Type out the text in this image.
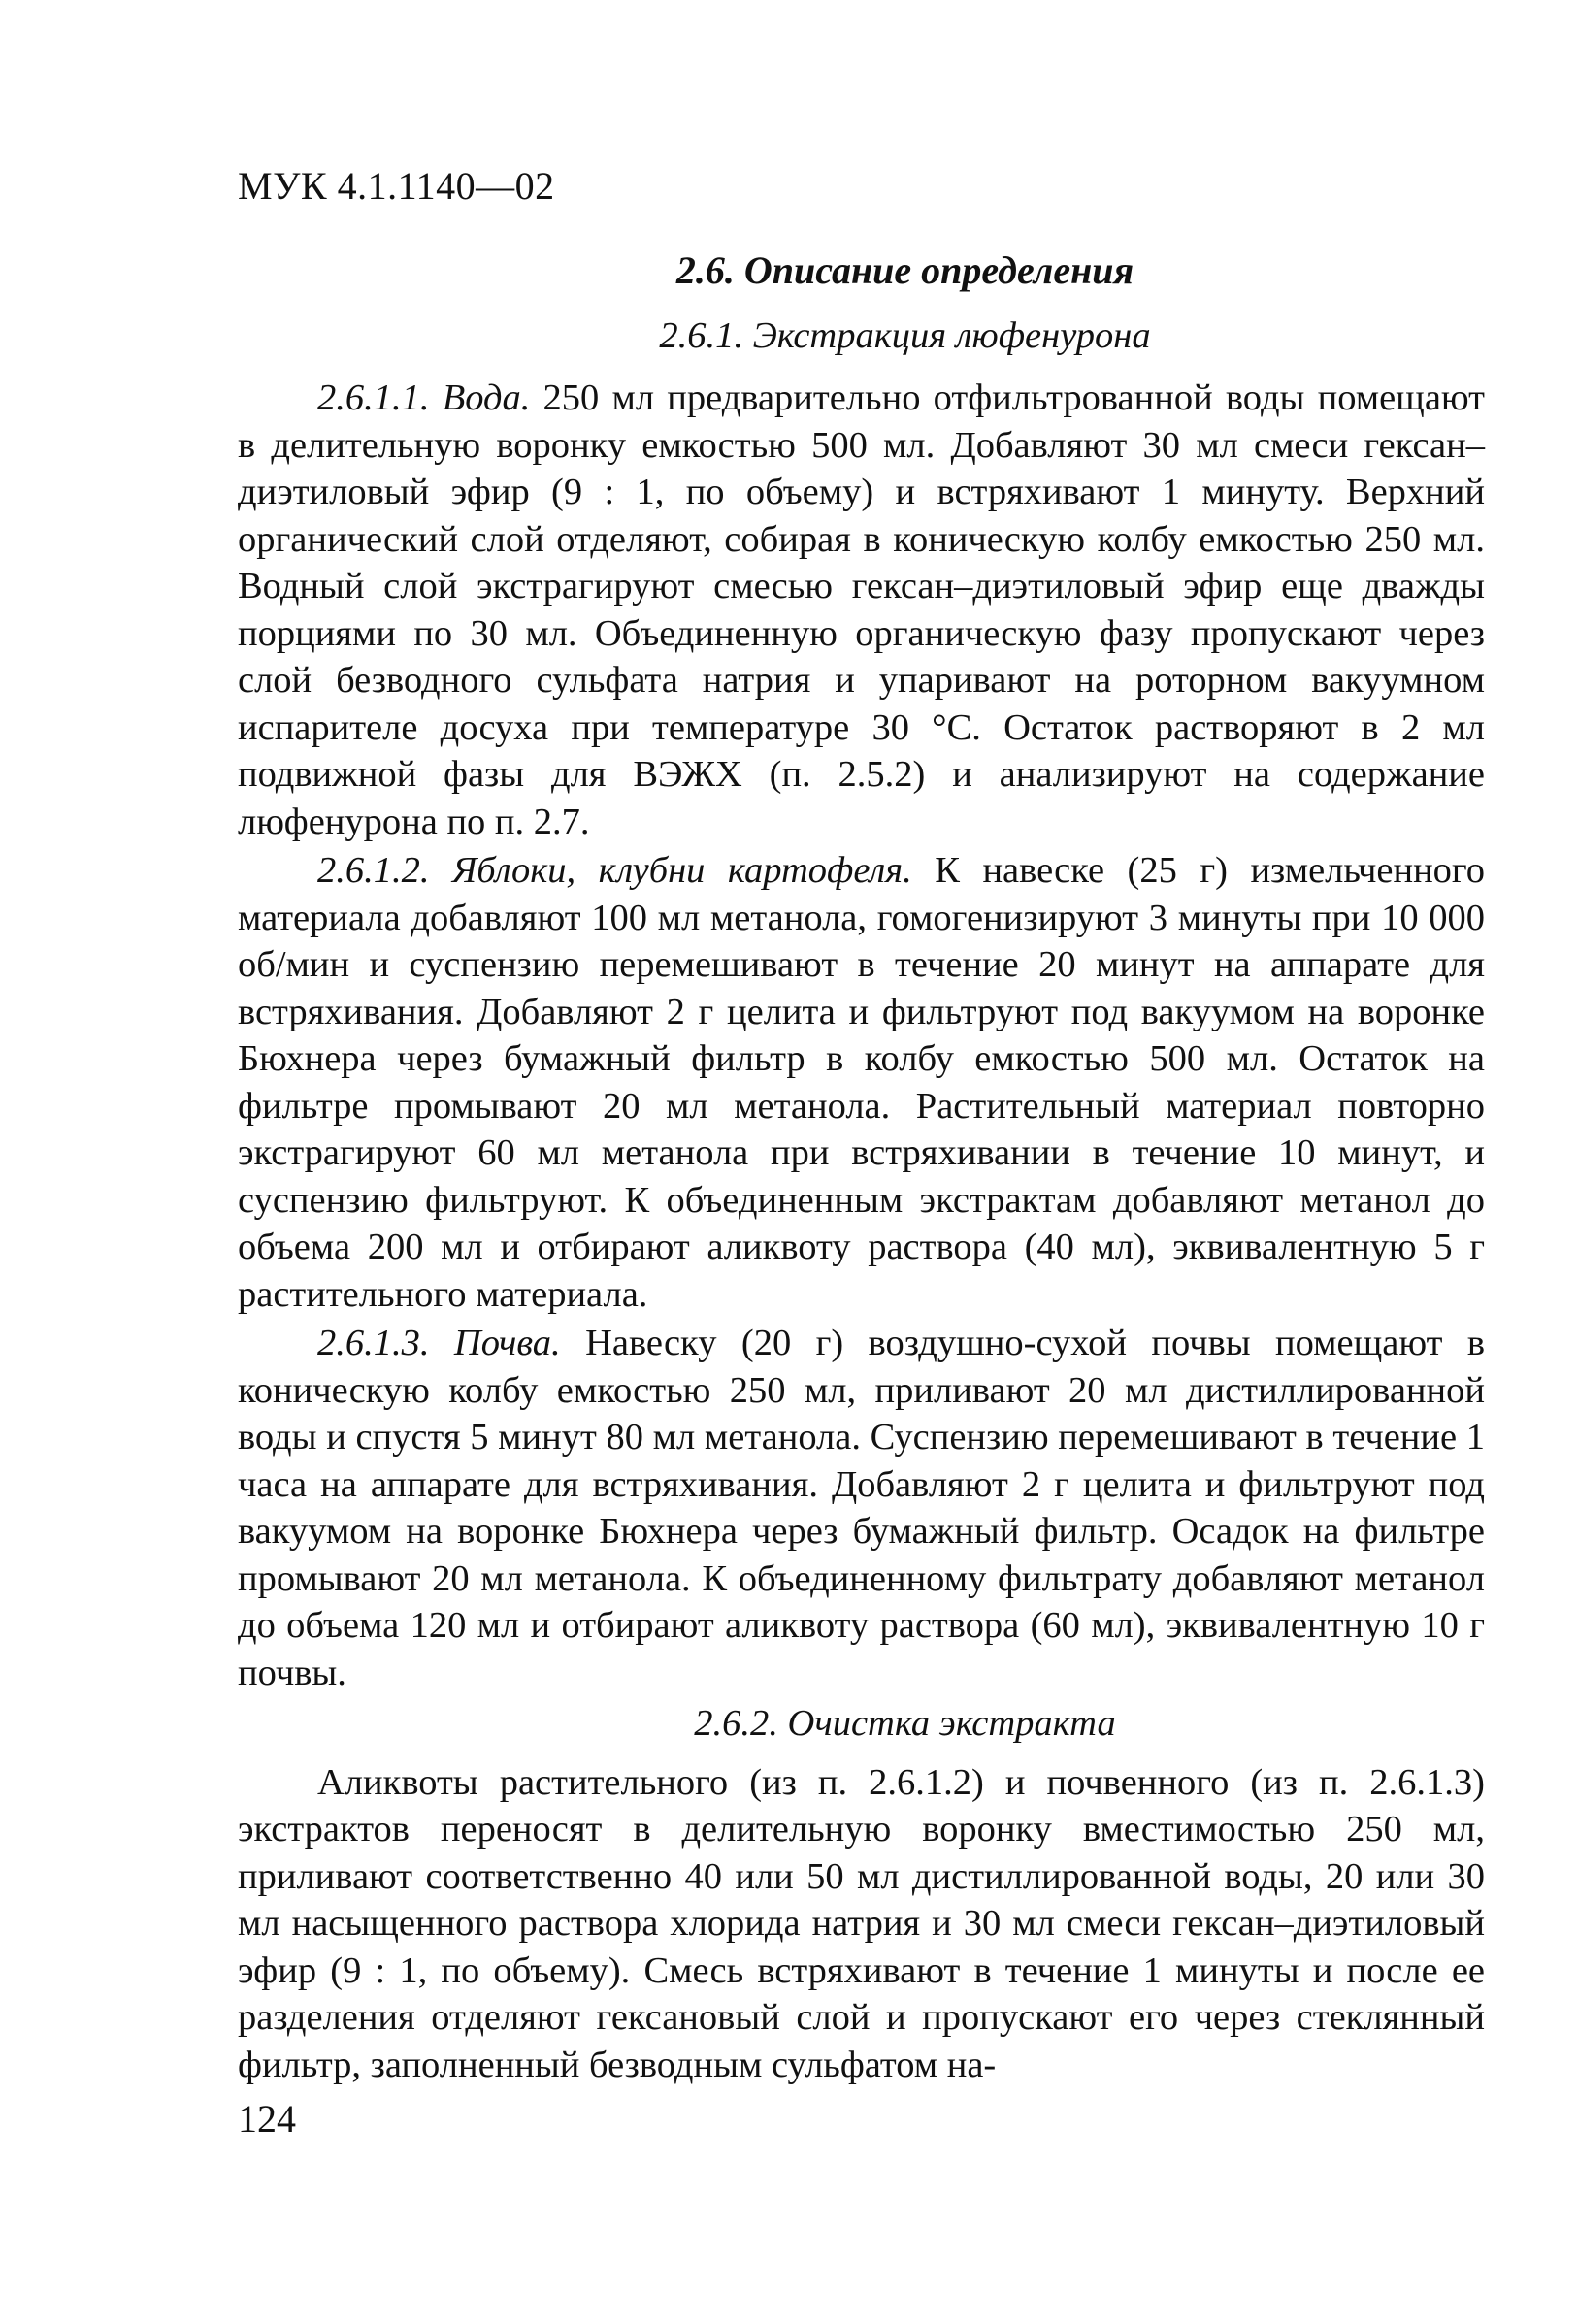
МУК 4.1.1140—02

2.6. Описание определения

2.6.1. Экстракция люфенурона

2.6.1.1. Вода. 250 мл предварительно отфильтрованной воды помещают в делительную воронку емкостью 500 мл. Добавляют 30 мл смеси гексан–диэтиловый эфир (9 : 1, по объему) и встряхивают 1 минуту. Верхний органический слой отделяют, собирая в коническую колбу емкостью 250 мл. Водный слой экстрагируют смесью гексан–диэтиловый эфир еще дважды порциями по 30 мл. Объединенную органическую фазу пропускают через слой безводного сульфата натрия и упаривают на роторном вакуумном испарителе досуха при температуре 30 °С. Остаток растворяют в 2 мл подвижной фазы для ВЭЖХ (п. 2.5.2) и анализируют на содержание люфенурона по п. 2.7.

2.6.1.2. Яблоки, клубни картофеля. К навеске (25 г) измельченного материала добавляют 100 мл метанола, гомогенизируют 3 минуты при 10 000 об/мин и суспензию перемешивают в течение 20 минут на аппарате для встряхивания. Добавляют 2 г целита и фильтруют под вакуумом на воронке Бюхнера через бумажный фильтр в колбу емкостью 500 мл. Остаток на фильтре промывают 20 мл метанола. Растительный материал повторно экстрагируют 60 мл метанола при встряхивании в течение 10 минут, и суспензию фильтруют. К объединенным экстрактам добавляют метанол до объема 200 мл и отбирают аликвоту раствора (40 мл), эквивалентную 5 г растительного материала.

2.6.1.3. Почва. Навеску (20 г) воздушно-сухой почвы помещают в коническую колбу емкостью 250 мл, приливают 20 мл дистиллированной воды и спустя 5 минут 80 мл метанола. Суспензию перемешивают в течение 1 часа на аппарате для встряхивания. Добавляют 2 г целита и фильтруют под вакуумом на воронке Бюхнера через бумажный фильтр. Осадок на фильтре промывают 20 мл метанола. К объединенному фильтрату добавляют метанол до объема 120 мл и отбирают аликвоту раствора (60 мл), эквивалентную 10 г почвы.

2.6.2. Очистка экстракта

Аликвоты растительного (из п. 2.6.1.2) и почвенного (из п. 2.6.1.3) экстрактов переносят в делительную воронку вместимостью 250 мл, приливают соответственно 40 или 50 мл дистиллированной воды, 20 или 30 мл насыщенного раствора хлорида натрия и 30 мл смеси гексан–диэтиловый эфир (9 : 1, по объему). Смесь встряхивают в течение 1 минуты и после ее разделения отделяют гексановый слой и пропускают его через стеклянный фильтр, заполненный безводным сульфатом на-

124
